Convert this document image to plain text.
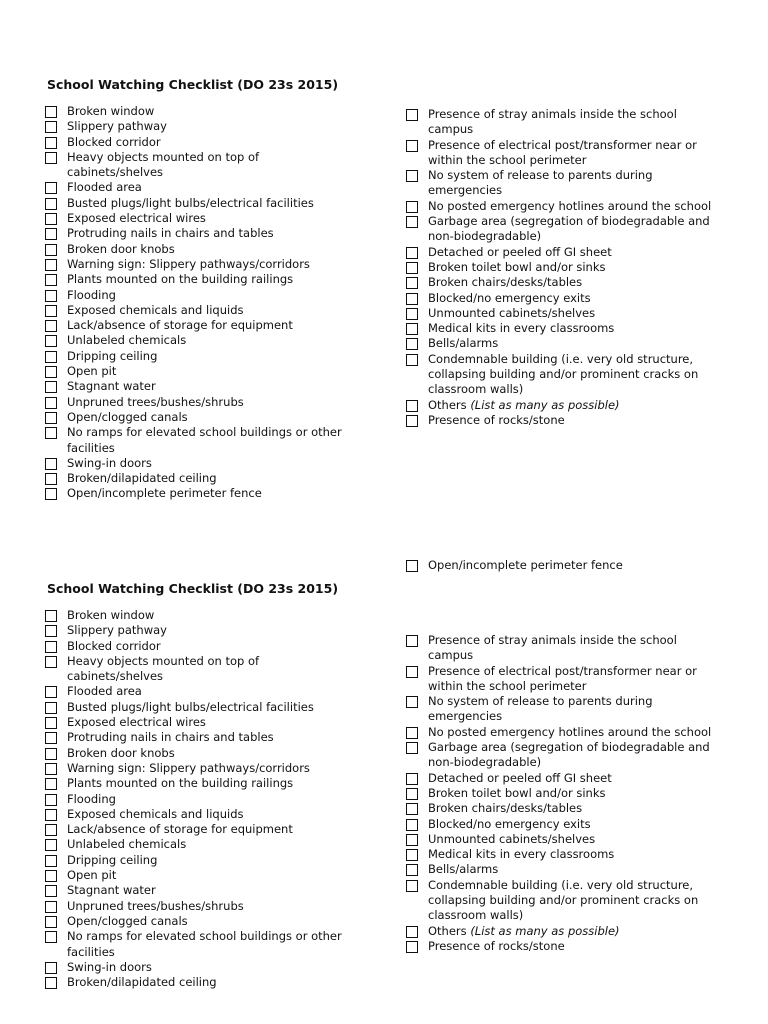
School Watching Checklist (DO 23s 2015)
Broken window
Slippery pathway
Blocked corridor
Heavy objects mounted on top of cabinets/shelves
Flooded area
Busted plugs/light bulbs/electrical facilities
Exposed electrical wires
Protruding nails in chairs and tables
Broken door knobs
Warning sign: Slippery pathways/corridors
Plants mounted on the building railings
Flooding
Exposed chemicals and liquids
Lack/absence of storage for equipment
Unlabeled chemicals
Dripping ceiling
Open pit
Stagnant water
Unpruned trees/bushes/shrubs
Open/clogged canals
No ramps for elevated school buildings or other facilities
Swing-in doors
Broken/dilapidated ceiling
Open/incomplete perimeter fence
Presence of stray animals inside the school campus
Presence of electrical post/transformer near or within the school perimeter
No system of release to parents during emergencies
No posted emergency hotlines around the school
Garbage area (segregation of biodegradable and non-biodegradable)
Detached or peeled off GI sheet
Broken toilet bowl and/or sinks
Broken chairs/desks/tables
Blocked/no emergency exits
Unmounted cabinets/shelves
Medical kits in every classrooms
Bells/alarms
Condemnable building (i.e. very old structure, collapsing building and/or prominent cracks on classroom walls)
Others (List as many as possible)
Presence of rocks/stone
Open/incomplete perimeter fence
School Watching Checklist (DO 23s 2015)
Broken window
Slippery pathway
Blocked corridor
Heavy objects mounted on top of cabinets/shelves
Flooded area
Busted plugs/light bulbs/electrical facilities
Exposed electrical wires
Protruding nails in chairs and tables
Broken door knobs
Warning sign: Slippery pathways/corridors
Plants mounted on the building railings
Flooding
Exposed chemicals and liquids
Lack/absence of storage for equipment
Unlabeled chemicals
Dripping ceiling
Open pit
Stagnant water
Unpruned trees/bushes/shrubs
Open/clogged canals
No ramps for elevated school buildings or other facilities
Swing-in doors
Broken/dilapidated ceiling
Presence of stray animals inside the school campus
Presence of electrical post/transformer near or within the school perimeter
No system of release to parents during emergencies
No posted emergency hotlines around the school
Garbage area (segregation of biodegradable and non-biodegradable)
Detached or peeled off GI sheet
Broken toilet bowl and/or sinks
Broken chairs/desks/tables
Blocked/no emergency exits
Unmounted cabinets/shelves
Medical kits in every classrooms
Bells/alarms
Condemnable building (i.e. very old structure, collapsing building and/or prominent cracks on classroom walls)
Others (List as many as possible)
Presence of rocks/stone
